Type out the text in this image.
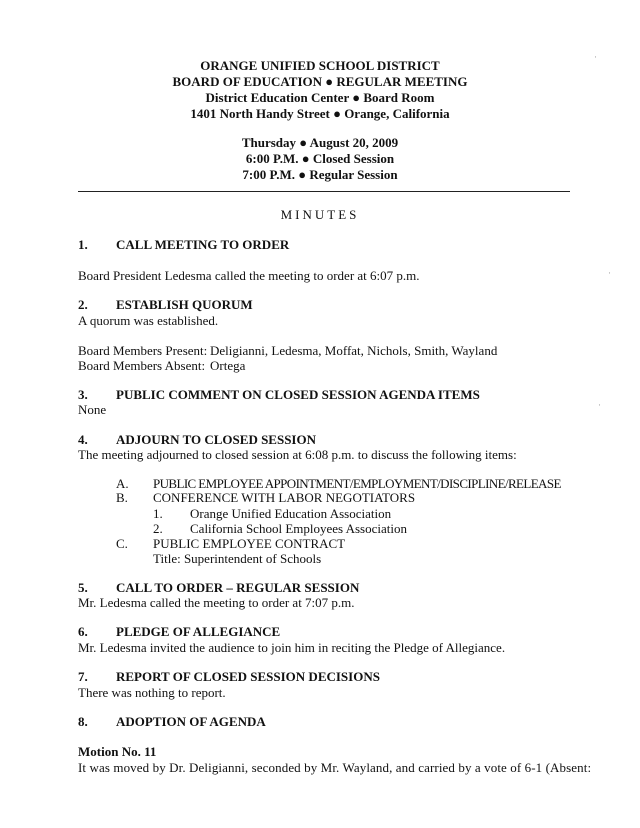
ORANGE UNIFIED SCHOOL DISTRICT
BOARD OF EDUCATION ● REGULAR MEETING
District Education Center ● Board Room
1401 North Handy Street ● Orange, California
Thursday ● August 20, 2009
6:00 P.M. ● Closed Session
7:00 P.M. ● Regular Session
MINUTES
1. CALL MEETING TO ORDER
Board President Ledesma called the meeting to order at 6:07 p.m.
2. ESTABLISH QUORUM
A quorum was established.
Board Members Present: Deligianni, Ledesma, Moffat, Nichols, Smith, Wayland
Board Members Absent: Ortega
3. PUBLIC COMMENT ON CLOSED SESSION AGENDA ITEMS
None
4. ADJOURN TO CLOSED SESSION
The meeting adjourned to closed session at 6:08 p.m. to discuss the following items:
A. PUBLIC EMPLOYEE APPOINTMENT/EMPLOYMENT/DISCIPLINE/RELEASE
B. CONFERENCE WITH LABOR NEGOTIATORS
1. Orange Unified Education Association
2. California School Employees Association
C. PUBLIC EMPLOYEE CONTRACT
Title: Superintendent of Schools
5. CALL TO ORDER – REGULAR SESSION
Mr. Ledesma called the meeting to order at 7:07 p.m.
6. PLEDGE OF ALLEGIANCE
Mr. Ledesma invited the audience to join him in reciting the Pledge of Allegiance.
7. REPORT OF CLOSED SESSION DECISIONS
There was nothing to report.
8. ADOPTION OF AGENDA
Motion No. 11
It was moved by Dr. Deligianni, seconded by Mr. Wayland, and carried by a vote of 6-1 (Absent:
·
·
·
